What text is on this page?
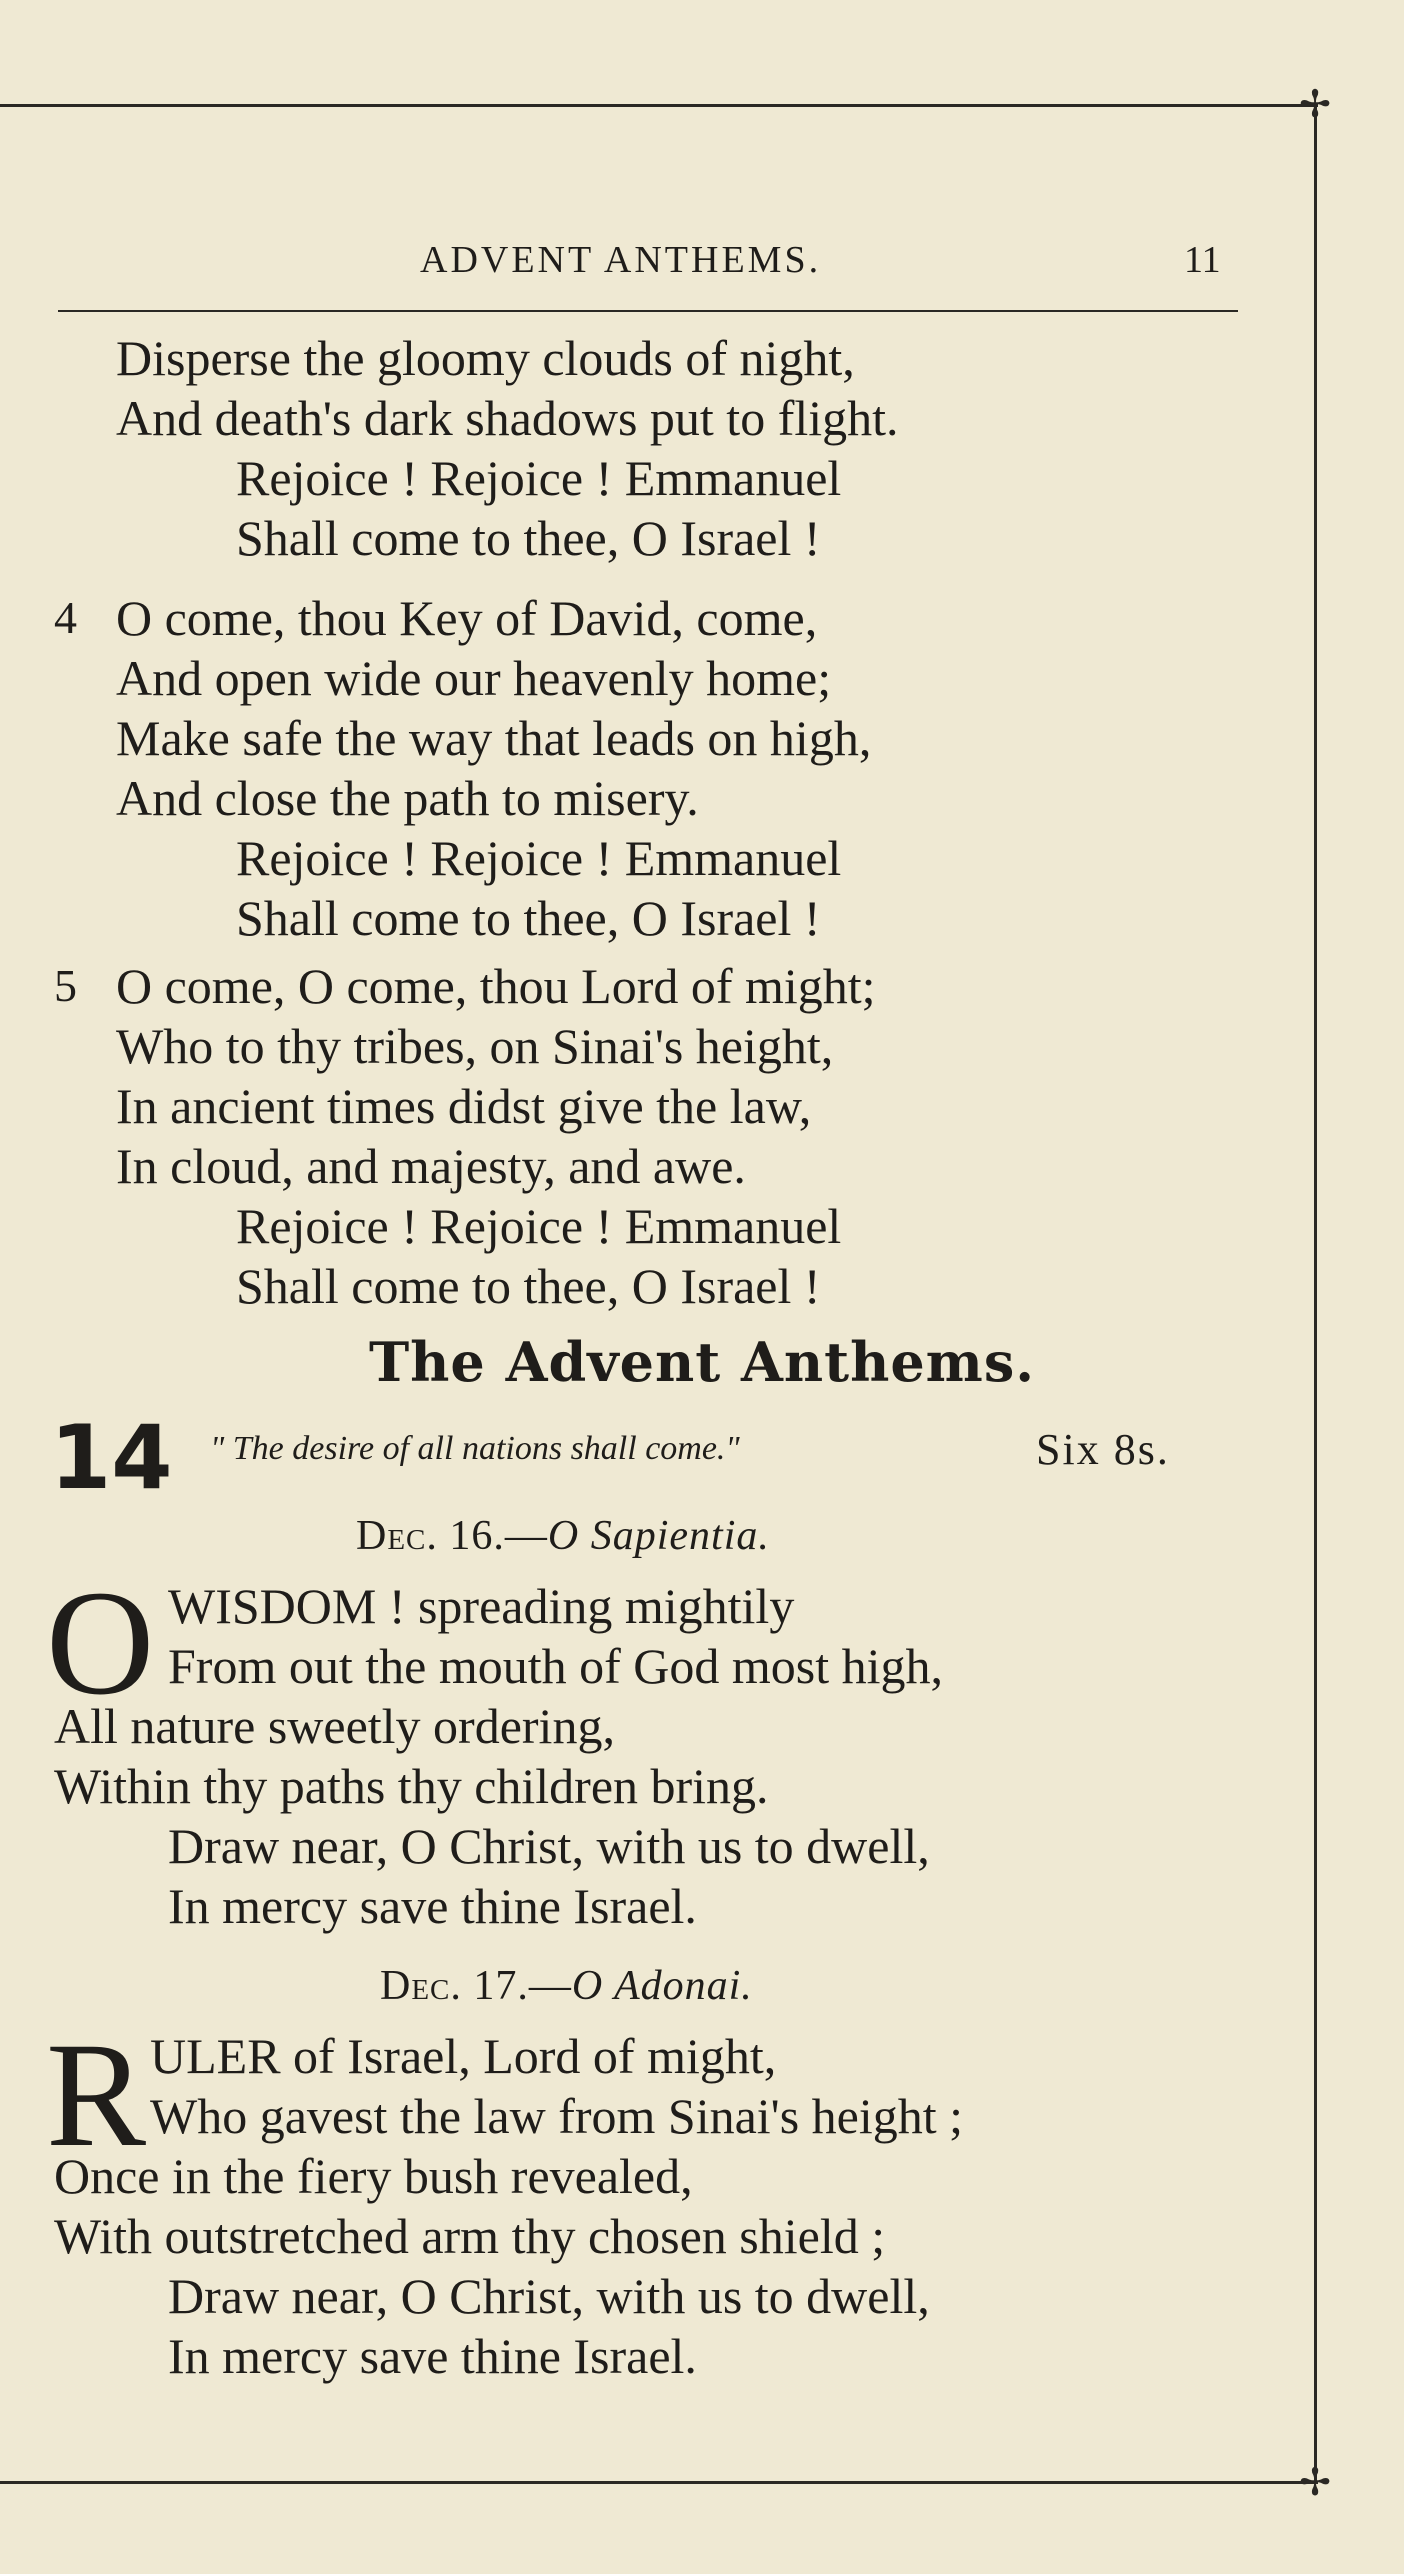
✢
✢
ADVENT ANTHEMS.	11
Disperse the gloomy clouds of night,
And death's dark shadows put to flight.
Rejoice ! Rejoice ! Emmanuel
Shall come to thee, O Israel !
4 O come, thou Key of David, come,
And open wide our heavenly home;
Make safe the way that leads on high,
And close the path to misery.
Rejoice ! Rejoice ! Emmanuel
Shall come to thee, O Israel !
5 O come, O come, thou Lord of might;
Who to thy tribes, on Sinai's height,
In ancient times didst give the law,
In cloud, and majesty, and awe.
Rejoice ! Rejoice ! Emmanuel
Shall come to thee, O Israel !
The Advent Anthems.
14 " The desire of all nations shall come."	Six 8s.
Dec. 16.—O Sapientia.
O WISDOM ! spreading mightily
From out the mouth of God most high,
All nature sweetly ordering,
Within thy paths thy children bring.
Draw near, O Christ, with us to dwell,
In mercy save thine Israel.
Dec. 17.—O Adonai.
R ULER of Israel, Lord of might,
Who gavest the law from Sinai's height ;
Once in the fiery bush revealed,
With outstretched arm thy chosen shield ;
Draw near, O Christ, with us to dwell,
In mercy save thine Israel.
